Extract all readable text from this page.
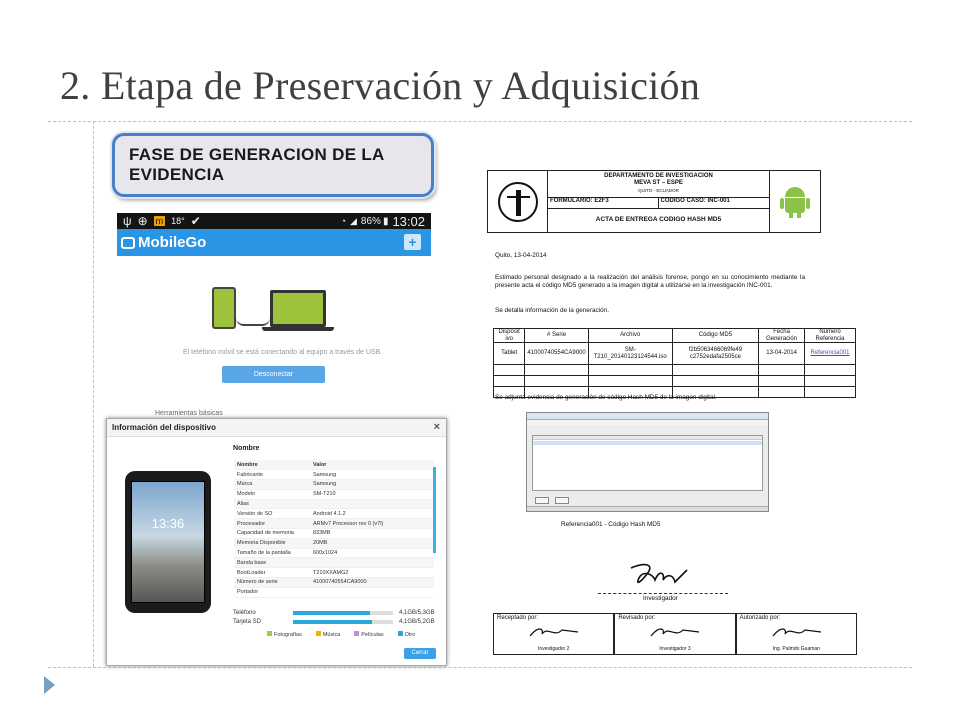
2. Etapa de Preservación y Adquisición
FASE DE GENERACION DE LA
EVIDENCIA
ψ ⊕ m 18° ✔	◔ ◢ 86% ▮ 13:02
MobileGo	+
El teléfono móvil se está conectando al equipo a través de USB.
Desconectar
Herramientas básicas
Información del dispositivo	×
13:36
Nombre
Nombre	Valor
Fabricante	Samsung
Marca	Samsung
Modelo	SM-T210
Alias	
Versión de SO	Android 4.1.2
Procesador	ARMv7 Processor rev 0 (v7l)
Capacidad de memoria	833MB
Memoria Disponible	20MB
Tamaño de la pantalla	600x1024
Banda base	
BootLoader	T210XXAMG2
Número de serie	41000740554CA9000
Portador	
Teléfono	4,1GB/5,3GB
Tarjeta SD	4,1GB/5,2GB
Fotografías	Música	Películas	Otro
Cerrar
DEPARTAMENTO DE INVESTIGACION
MEVA ST – ESPE
QUITO - ECUADOR
FORMULARIO: E2F3	CODIGO CASO: INC-001
ACTA DE ENTREGA CODIGO HASH MD5
Quito, 13-04-2014
Estimado personal designado a la realización del análisis forense, pongo en su conocimiento mediante la presente acta el código MD5 generado a la imagen digital a utilizarse en la investigación INC-001.
Se detalla información de la generación.
Disposit ivo	# Serie	Archivo	Código MD5	Fecha Generación	Número Referencia
Tablet	41000740554CA9000	SM-T210_20140123124544.iso	f2b5063466069fe49 c2752edafa2505ce	13-04-2014	Referencia001

Se adjunta evidencia de generación de código Hash MD5 de la imagen digital.
Referencia001 - Código Hash MD5
Investigador
Receptado por:
Investigador 2
Revisado por:
Investigador 3
Autorizado por:
Ing. Palmdo Guaman
